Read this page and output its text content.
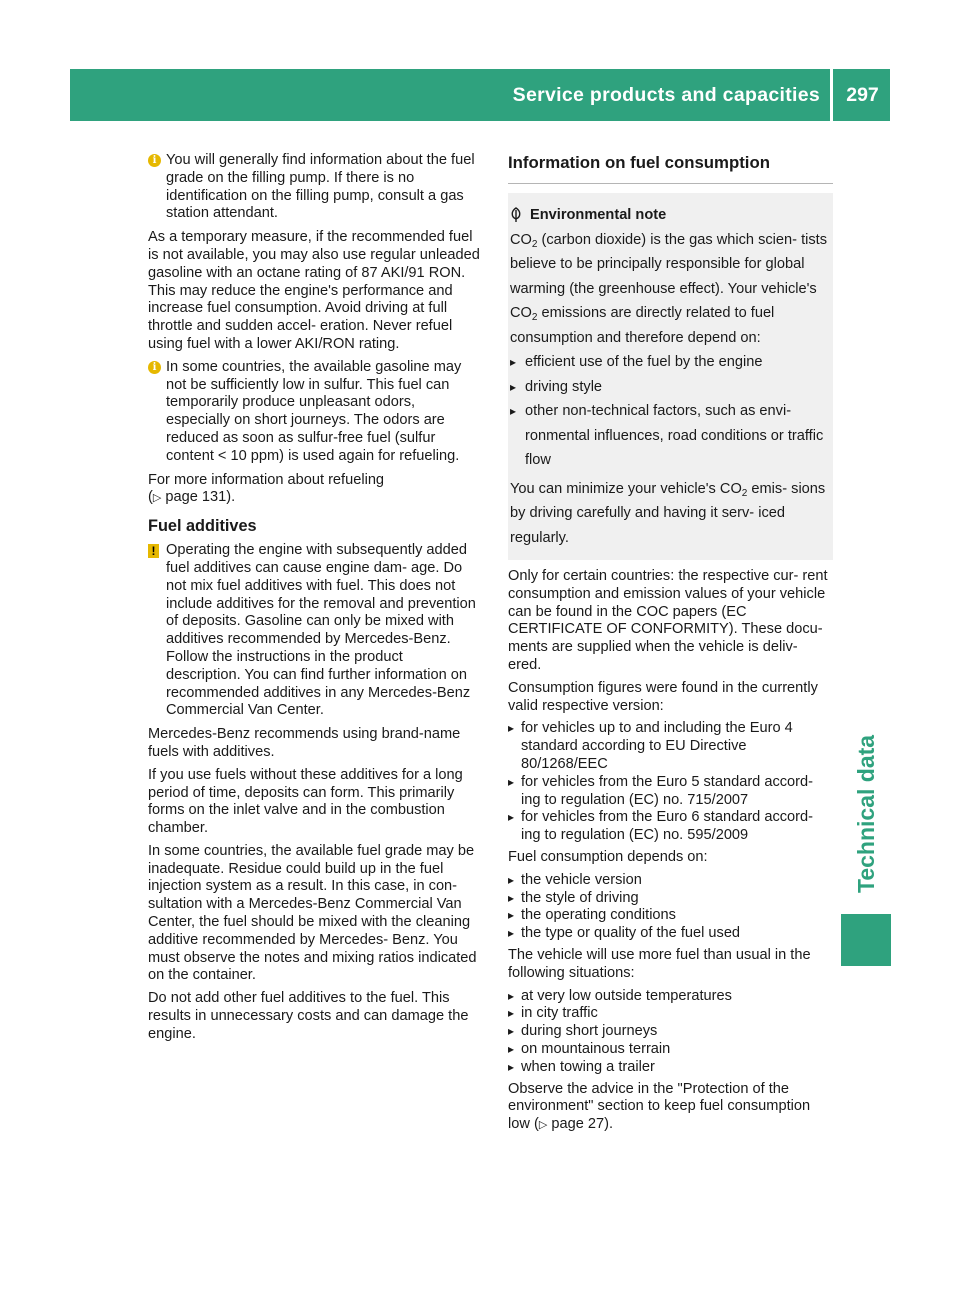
Service products and capacities	297
Technical data
i You will generally find information about the fuel grade on the filling pump. If there is no identification on the filling pump, consult a gas station attendant.

As a temporary measure, if the recommended fuel is not available, you may also use regular unleaded gasoline with an octane rating of 87 AKI/91 RON. This may reduce the engine's performance and increase fuel consumption. Avoid driving at full throttle and sudden accel- eration. Never refuel using fuel with a lower AKI/RON rating.

i In some countries, the available gasoline may not be sufficiently low in sulfur. This fuel can temporarily produce unpleasant odors, especially on short journeys. The odors are reduced as soon as sulfur-free fuel (sulfur content < 10 ppm) is used again for refueling.

For more information about refueling
(▷ page 131).

Fuel additives
! Operating the engine with subsequently added fuel additives can cause engine dam- age. Do not mix fuel additives with fuel. This does not include additives for the removal and prevention of deposits. Gasoline can only be mixed with additives recommended by Mercedes-Benz. Follow the instructions in the product description. You can find further information on recommended additives in any Mercedes-Benz Commercial Van Center.

Mercedes-Benz recommends using brand-name fuels with additives.

If you use fuels without these additives for a long period of time, deposits can form. This primarily forms on the inlet valve and in the combustion chamber.

In some countries, the available fuel grade may be inadequate. Residue could build up in the fuel injection system as a result. In this case, in con- sultation with a Mercedes-Benz Commercial Van Center, the fuel should be mixed with the cleaning additive recommended by Mercedes- Benz. You must observe the notes and mixing ratios indicated on the container.

Do not add other fuel additives to the fuel. This results in unnecessary costs and can damage the engine.

Information on fuel consumption
Environmental note

$CO_2$ (carbon dioxide) is the gas which scien- tists believe to be principally responsible for global warming (the greenhouse effect). Your vehicle's $CO_2$ emissions are directly related to fuel consumption and therefore depend on:

▸ efficient use of the fuel by the engine
▸ driving style
▸ other non-technical factors, such as envi- ronmental influences, road conditions or traffic flow

You can minimize your vehicle's $CO_2$ emis- sions by driving carefully and having it serv- iced regularly.

Only for certain countries: the respective cur- rent consumption and emission values of your vehicle can be found in the COC papers (EC CERTIFICATE OF CONFORMITY). These docu- ments are supplied when the vehicle is deliv- ered.

Consumption figures were found in the currently valid respective version:

▸ for vehicles up to and including the Euro 4 standard according to EU Directive 80/1268/EEC
▸ for vehicles from the Euro 5 standard accord- ing to regulation (EC) no. 715/2007
▸ for vehicles from the Euro 6 standard accord- ing to regulation (EC) no. 595/2009

Fuel consumption depends on:

▸ the vehicle version
▸ the style of driving
▸ the operating conditions
▸ the type or quality of the fuel used

The vehicle will use more fuel than usual in the following situations:

▸ at very low outside temperatures
▸ in city traffic
▸ during short journeys
▸ on mountainous terrain
▸ when towing a trailer

Observe the advice in the "Protection of the environment" section to keep fuel consumption low (▷ page 27).
